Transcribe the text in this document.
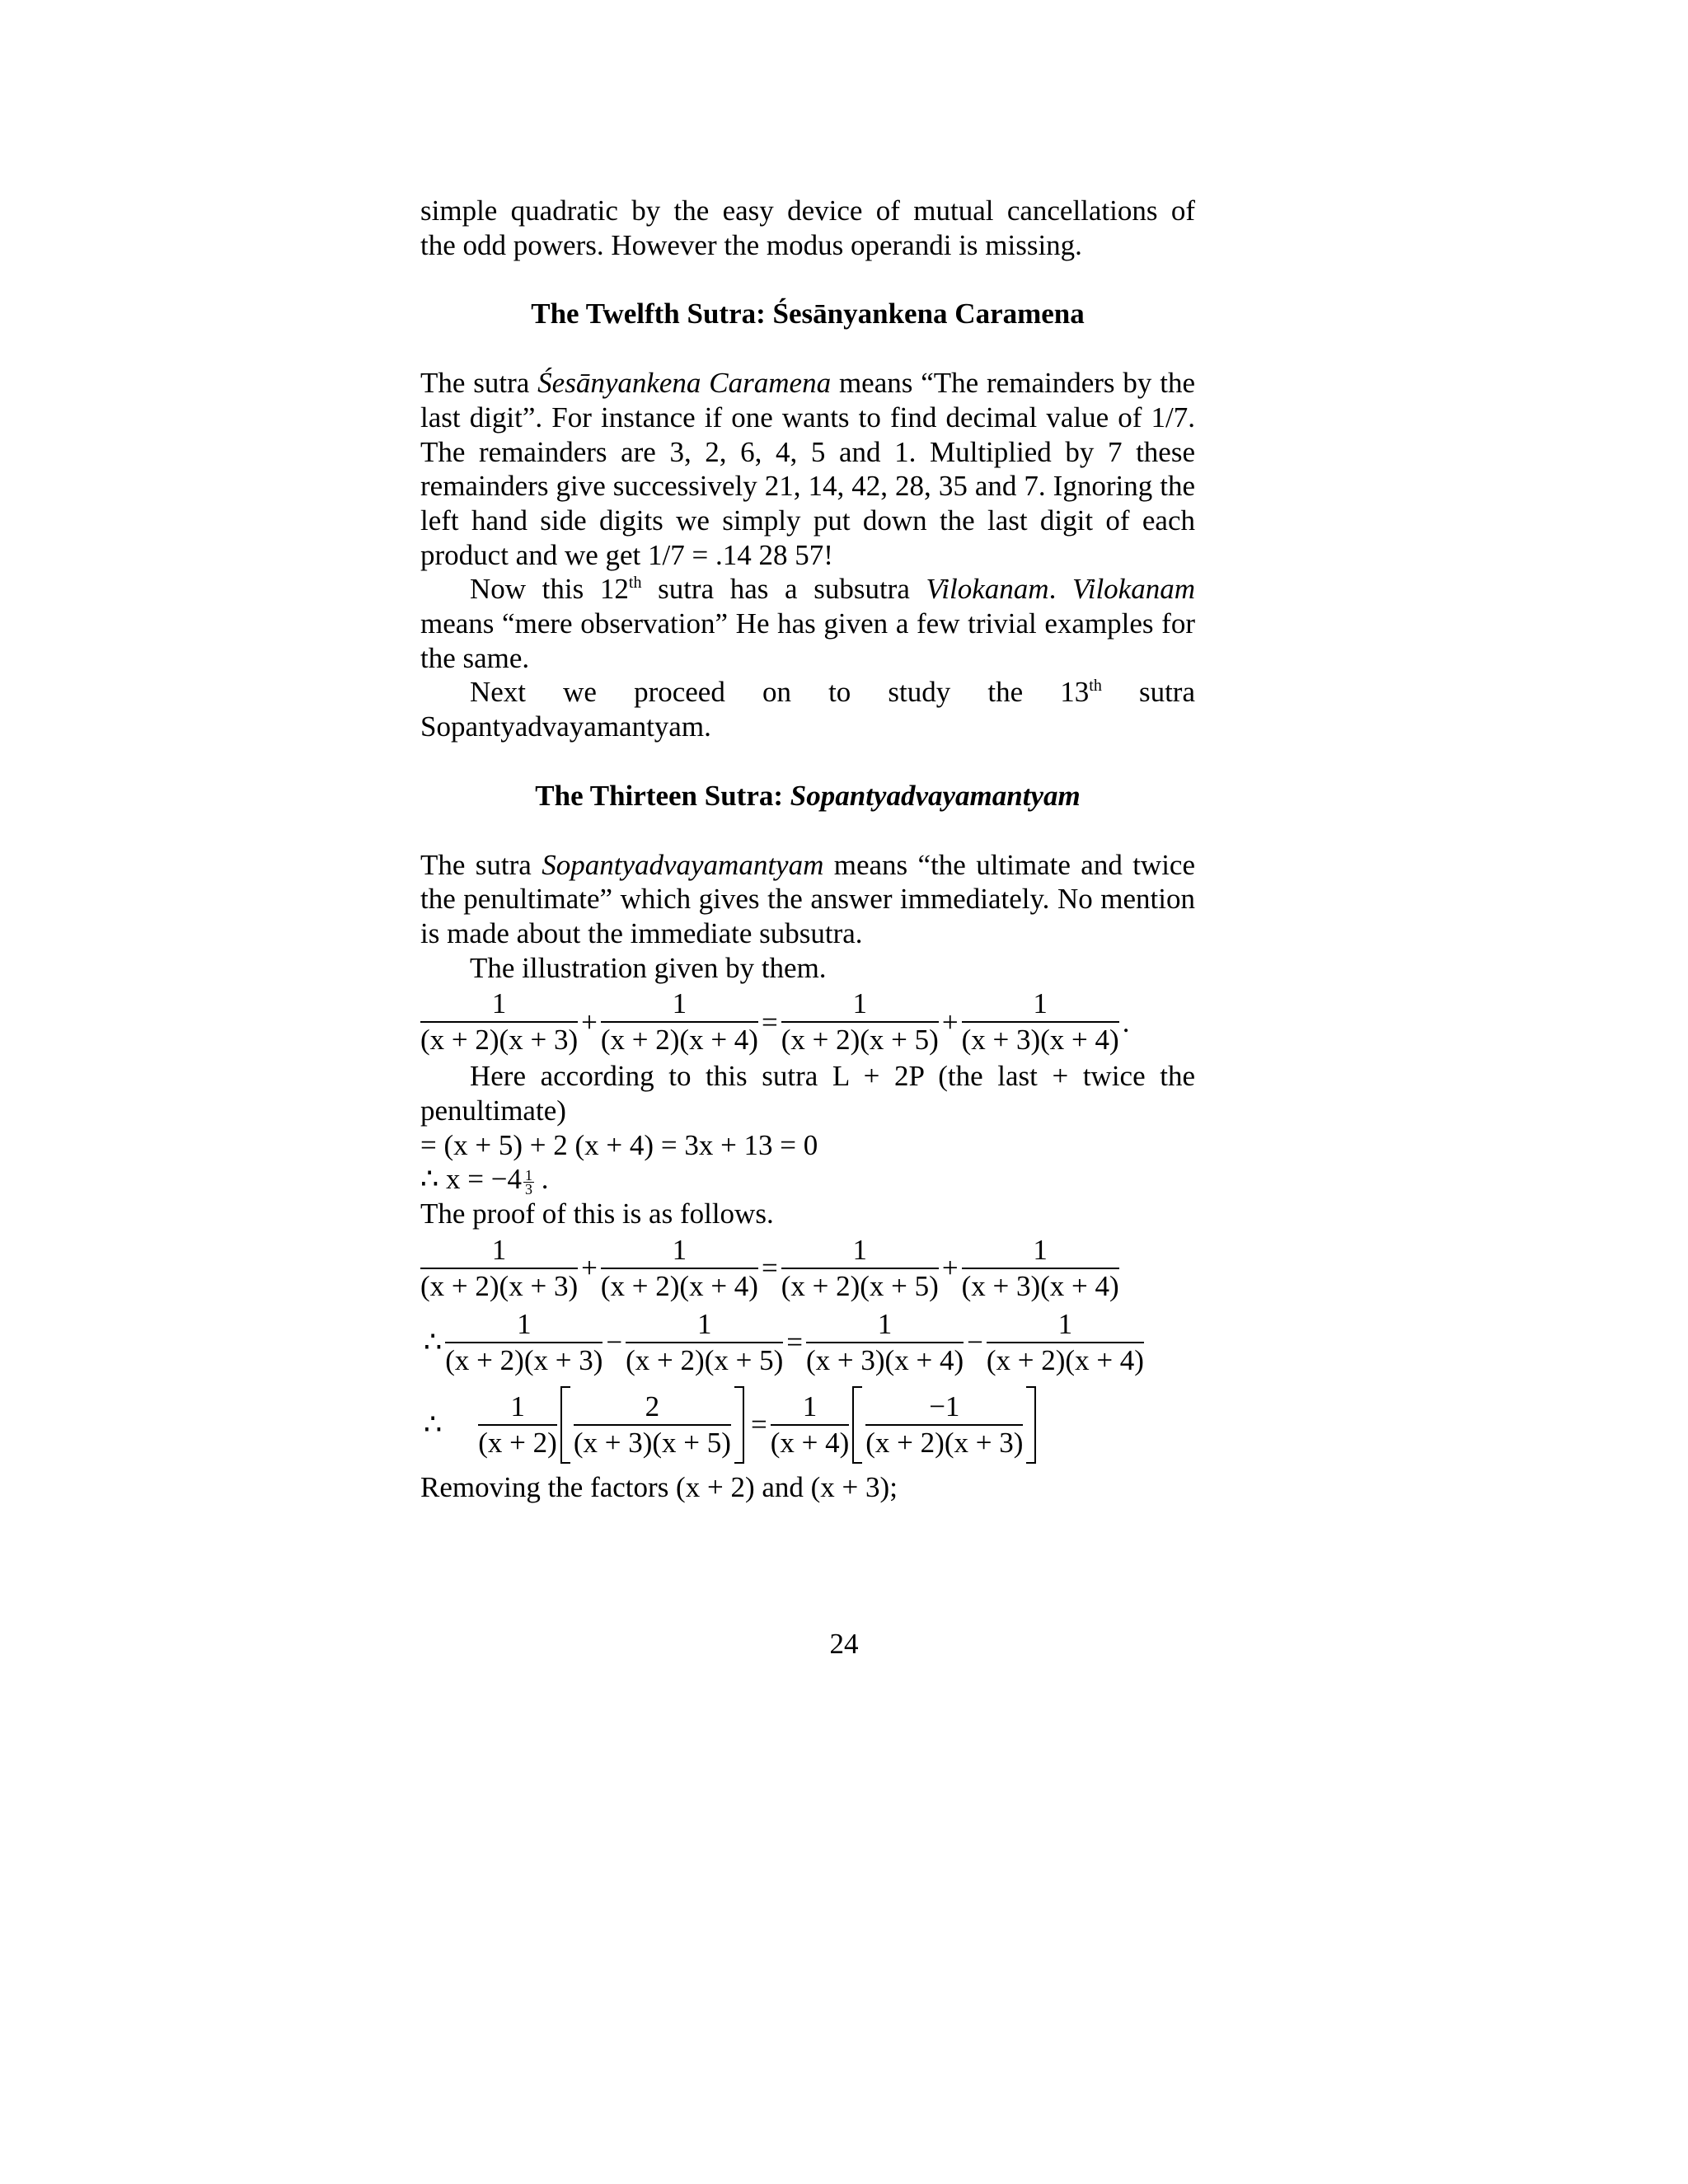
simple quadratic by the easy device of mutual cancellations of
the odd powers. However the modus operandi is missing.

The Twelfth Sutra: Śesānyankena Caramena

The sutra Śesānyankena Caramena means “The remainders by the last digit”. For instance if one wants to find decimal value of 1/7. The remainders are 3, 2, 6, 4, 5 and 1. Multiplied by 7 these remainders give successively 21, 14, 42, 28, 35 and 7. Ignoring the left hand side digits we simply put down the last digit of each product and we get 1/7 = .14 28 57!

Now this 12th sutra has a subsutra Vilokanam. Vilokanam means “mere observation” He has given a few trivial examples for the same.

Next we proceed on to study the 13th sutra

Sopantyadvayamantyam.

The Thirteen Sutra: Sopantyadvayamantyam

The sutra Sopantyadvayamantyam means “the ultimate and twice the penultimate” which gives the answer immediately. No mention is made about the immediate subsutra.

The illustration given by them.

$\frac{1}{(x + 2)(x + 3)} + \frac{1}{(x + 2)(x + 4)} = \frac{1}{(x + 2)(x + 5)} + \frac{1}{(x + 3)(x + 4)}$ .

Here according to this sutra L + 2P (the last + twice the penultimate)

= (x + 5) + 2 (x + 4) = 3x + 13 = 0

∴ $x = -4 \frac{1}{3}$ .

The proof of this is as follows.

$\frac{1}{(x + 2)(x + 3)} + \frac{1}{(x + 2)(x + 4)} = \frac{1}{(x + 2)(x + 5)} + \frac{1}{(x + 3)(x + 4)}$
∴ $\frac{1}{(x + 2)(x + 3)} - \frac{1}{(x + 2)(x + 5)} = \frac{1}{(x + 3)(x + 4)} - \frac{1}{(x + 2)(x + 4)}$
∴ $\frac{1}{(x + 2)} \frac{2}{(x + 3)(x + 5)} = \frac{1}{(x + 4)} \frac{-1}{(x + 2)(x + 3)}$

Removing the factors (x + 2) and (x + 3);

24
